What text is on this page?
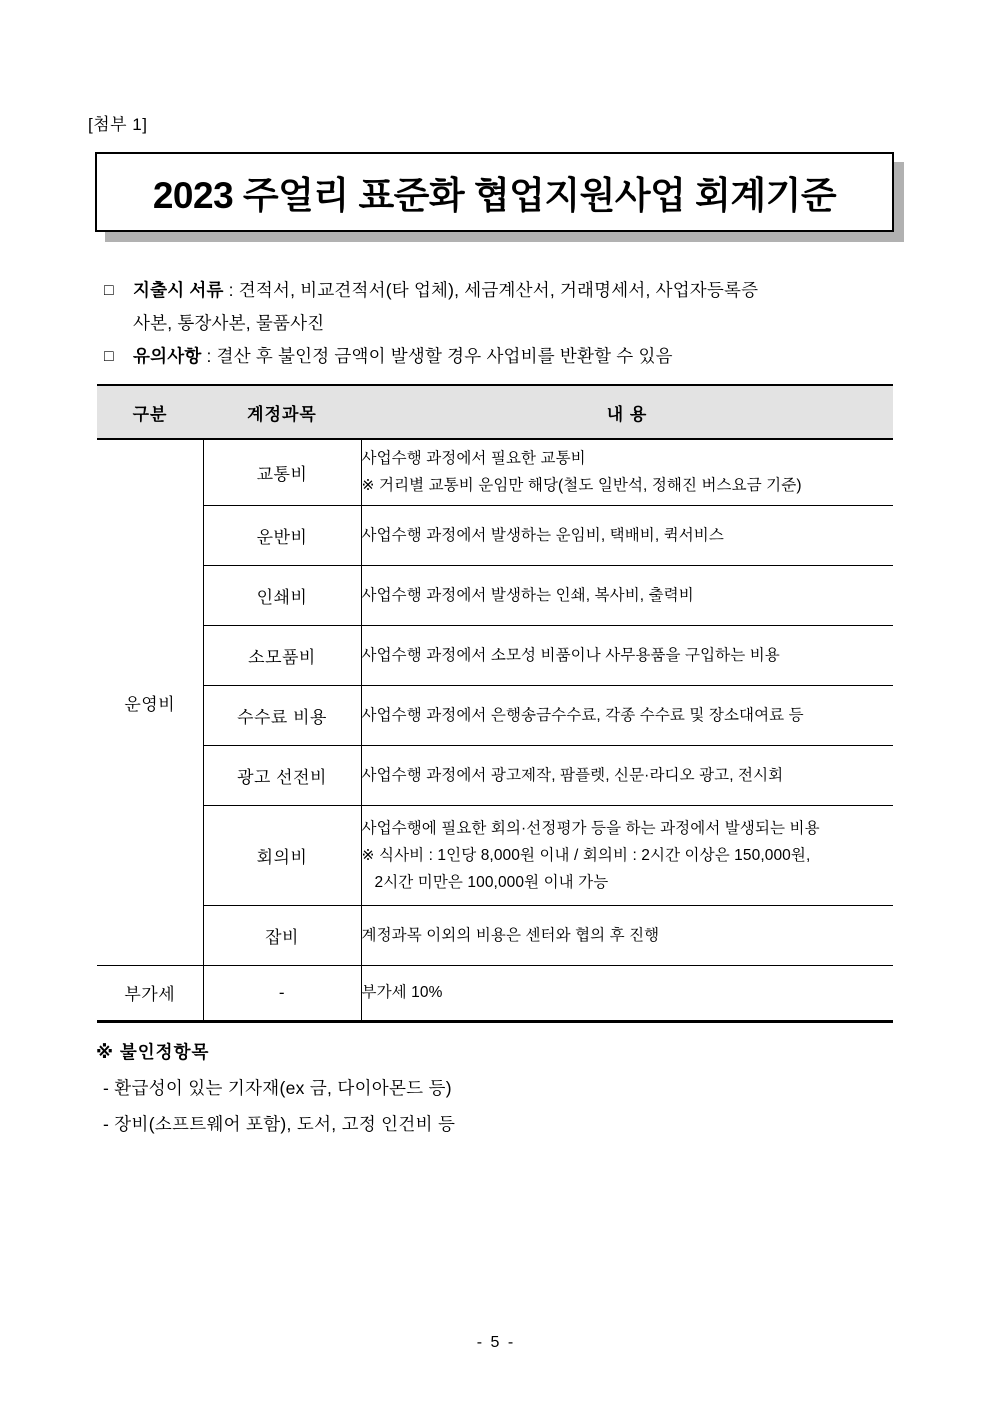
[첨부 1]
2023 주얼리 표준화 협업지원사업 회계기준
□	지출시 서류 : 견적서, 비교견적서(타 업체), 세금계산서, 거래명세서, 사업자등록증
사본, 통장사본, 물품사진
□	유의사항 : 결산 후 불인정 금액이 발생할 경우 사업비를 반환할 수 있음
구분	계정과목	내 용
운영비	교통비	사업수행 과정에서 필요한 교통비
※ 거리별 교통비 운임만 해당(철도 일반석, 정해진 버스요금 기준)

	운반비	사업수행 과정에서 발생하는 운임비, 택배비, 퀵서비스

	인쇄비	사업수행 과정에서 발생하는 인쇄, 복사비, 출력비

	소모품비	사업수행 과정에서 소모성 비품이나 사무용품을 구입하는 비용

	수수료 비용	사업수행 과정에서 은행송금수수료, 각종 수수료 및 장소대여료 등

	광고 선전비	사업수행 과정에서 광고제작, 팜플렛, 신문·라디오 광고, 전시회

	회의비	사업수행에 필요한 회의·선정평가 등을 하는 과정에서 발생되는 비용
※ 식사비 : 1인당 8,000원 이내 / 회의비 : 2시간 이상은 150,000원,
2시간 미만은 100,000원 이내 가능

	잡비	계정과목 이외의 비용은 센터와 협의 후 진행

부가세	-	부가세 10%
※ 불인정항목
- 환급성이 있는 기자재(ex 금, 다이아몬드 등)
- 장비(소프트웨어 포함), 도서, 고정 인건비 등
- 5 -
